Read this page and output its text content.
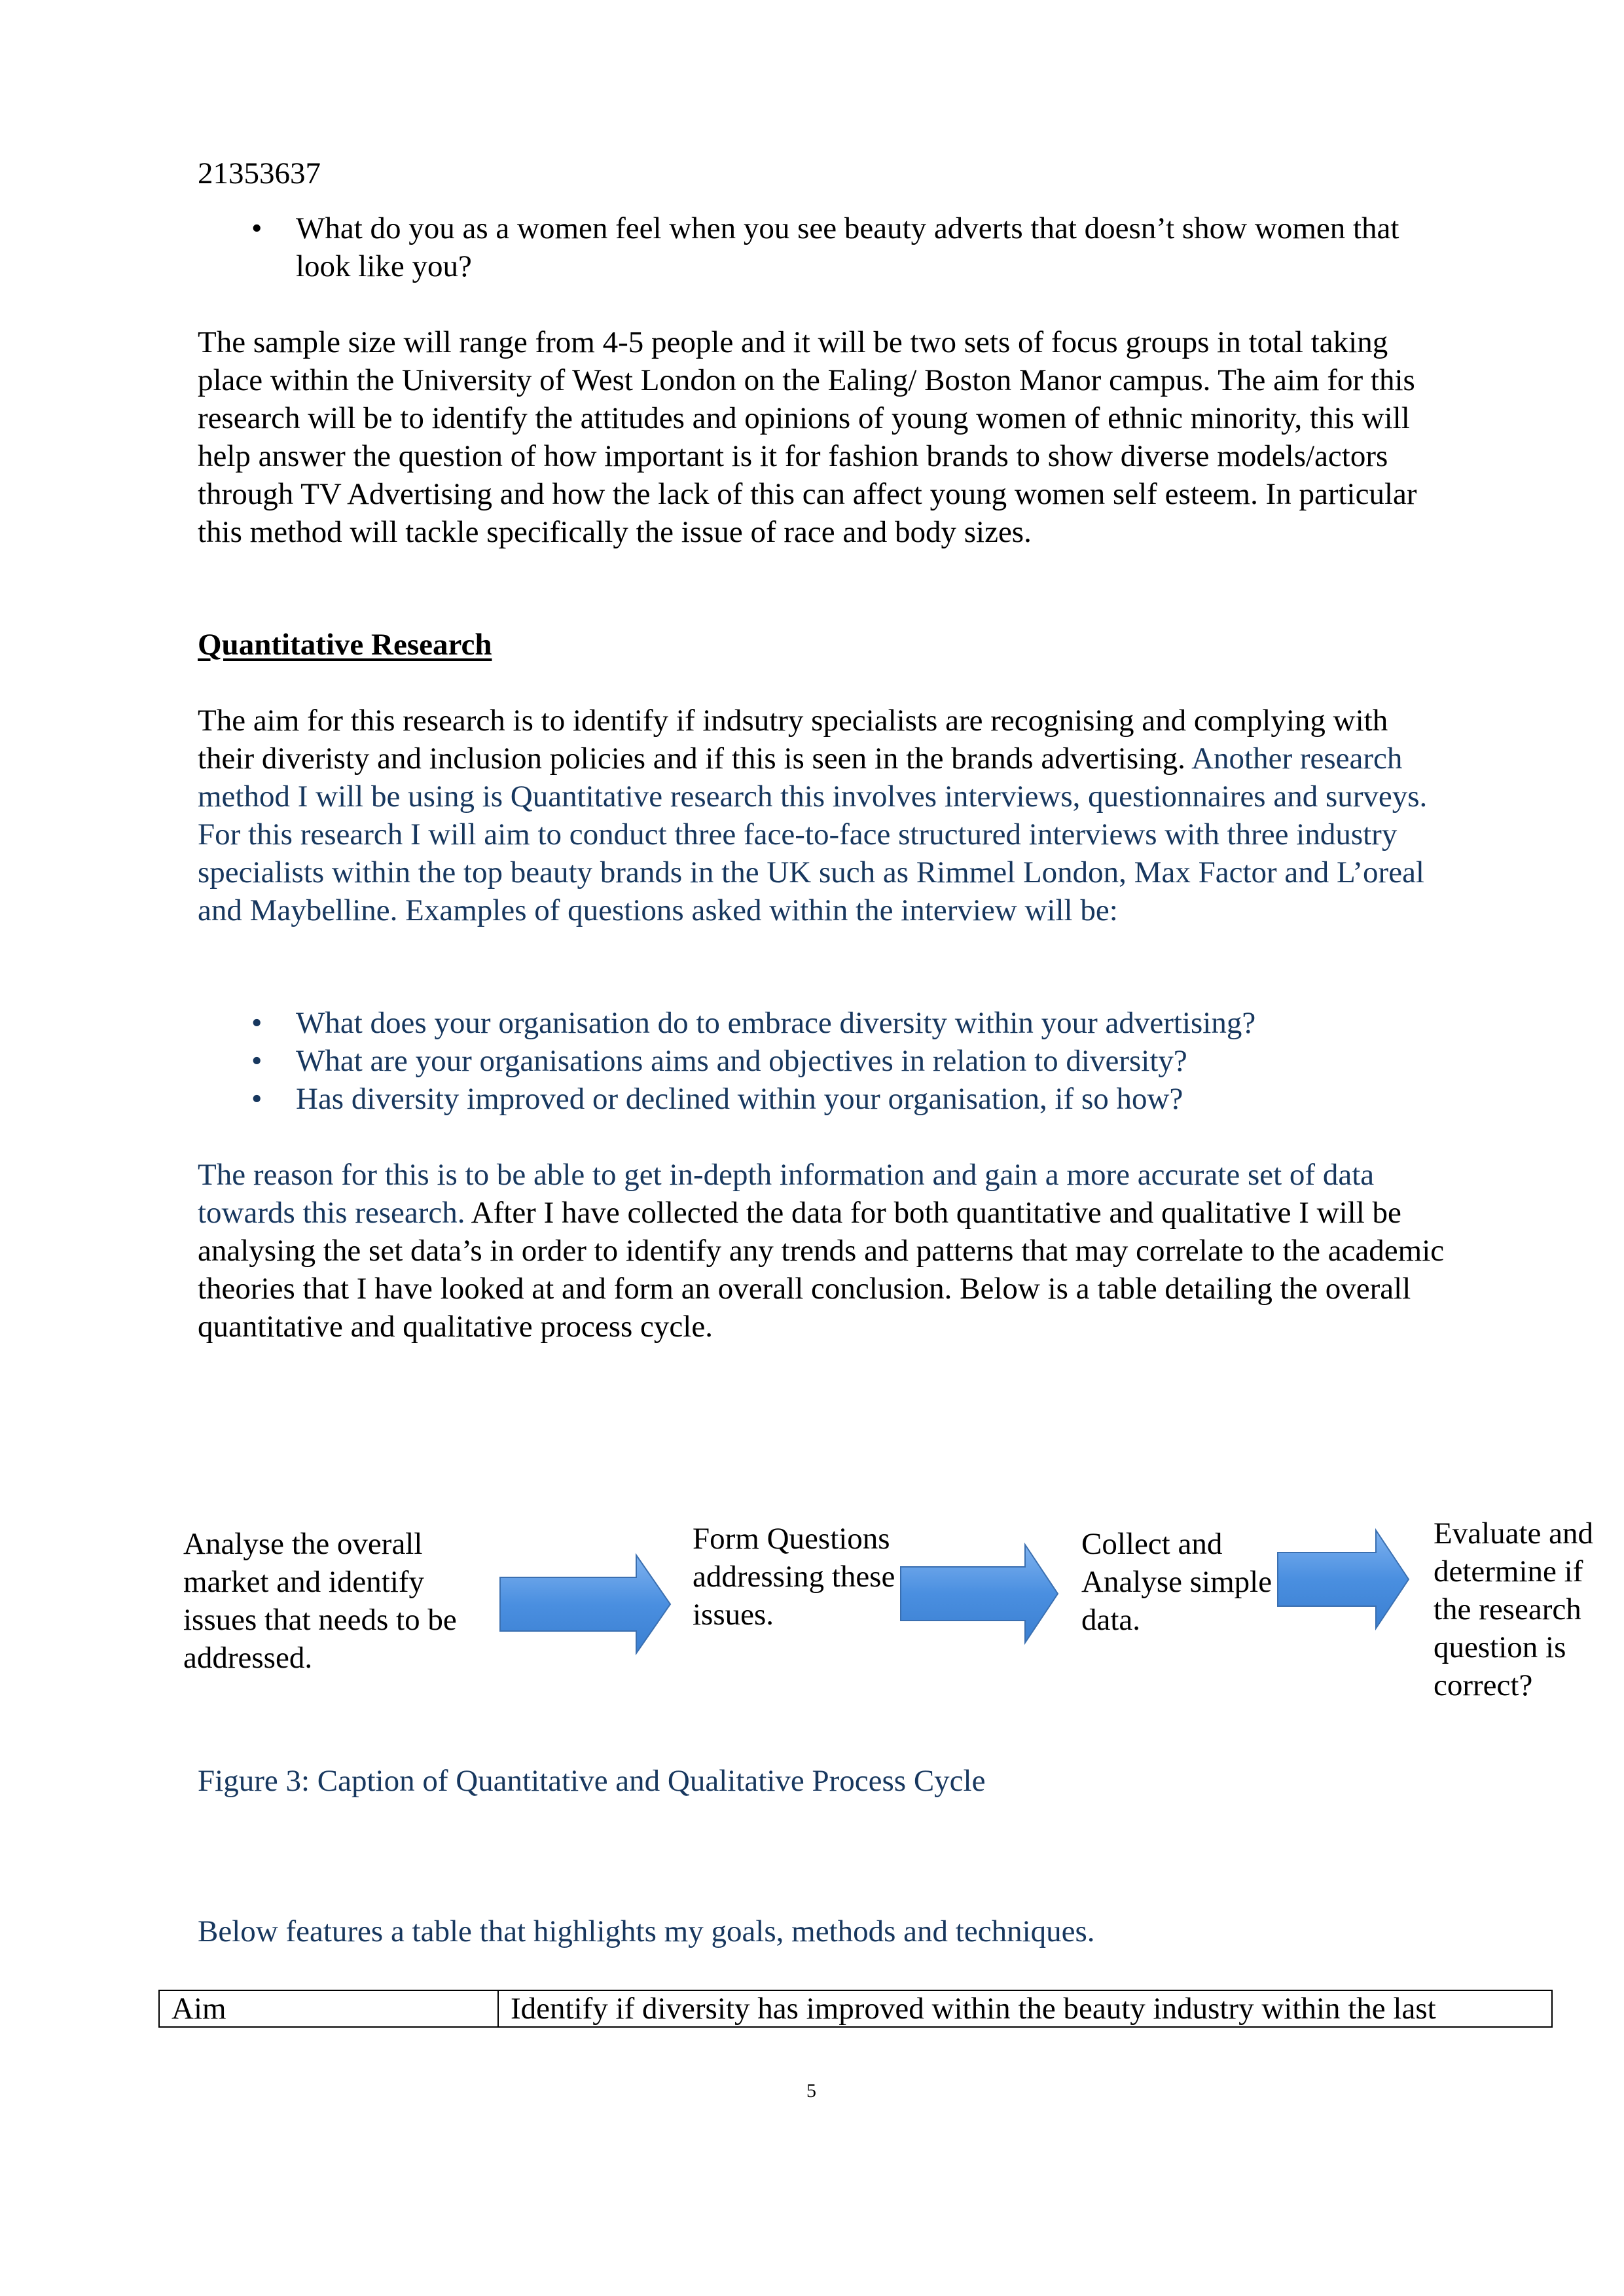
21353637

• What do you as a women feel when you see beauty adverts that doesn’t show women that look like you?

The sample size will range from 4-5 people and it will be two sets of focus groups in total taking place within the University of West London on the Ealing/ Boston Manor campus. The aim for this research will be to identify the attitudes and opinions of young women of ethnic minority, this will help answer the question of how important is it for fashion brands to show diverse models/actors through TV Advertising and how the lack of this can affect young women self esteem. In particular this method will tackle specifically the issue of race and body sizes.

Quantitative Research

The aim for this research is to identify if indsutry specialists are recognising and complying with their diveristy and inclusion policies and if this is seen in the brands advertising. Another research method I will be using is Quantitative research this involves interviews, questionnaires and surveys. For this research I will aim to conduct three face-to-face structured interviews with three industry specialists within the top beauty brands in the UK such as Rimmel London, Max Factor and L’oreal and Maybelline. Examples of questions asked within the interview will be:

• What does your organisation do to embrace diversity within your advertising?
• What are your organisations aims and objectives in relation to diversity?
• Has diversity improved or declined within your organisation, if so how?

The reason for this is to be able to get in-depth information and gain a more accurate set of data towards this research. After I have collected the data for both quantitative and qualitative I will be analysing the set data’s in order to identify any trends and patterns that may correlate to the academic theories that I have looked at and form an overall conclusion. Below is a table detailing the overall quantitative and qualitative process cycle.

Analyse the overall market and identify issues that needs to be addressed.

Form Questions addressing these issues.

Collect and Analyse simple data.

Evaluate and determine if the research question is correct?

Figure 3: Caption of Quantitative and Qualitative Process Cycle

Below features a table that highlights my goals, methods and techniques.

Aim	Identify if diversity has improved within the beauty industry within the last

5
